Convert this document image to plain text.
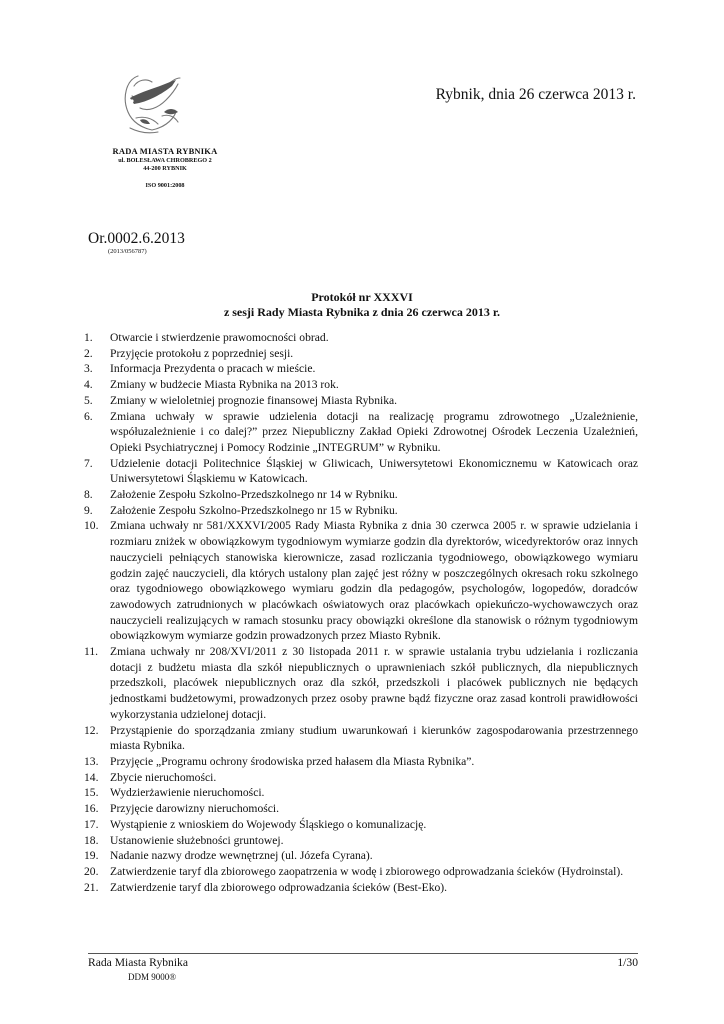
RADA MIASTA RYBNIKA
ul. BOLESŁAWA CHROBREGO 2
44-200 RYBNIK
ISO 9001:2008
Rybnik, dnia 26 czerwca 2013 r.
Or.0002.6.2013
(2013/056787)
Protokół nr XXXVI
z sesji Rady Miasta Rybnika z dnia 26 czerwca 2013 r.
1. Otwarcie i stwierdzenie prawomocności obrad.
2. Przyjęcie protokołu z poprzedniej sesji.
3. Informacja Prezydenta o pracach w mieście.
4. Zmiany w budżecie Miasta Rybnika na 2013 rok.
5. Zmiany w wieloletniej prognozie finansowej Miasta Rybnika.
6. Zmiana uchwały w sprawie udzielenia dotacji na realizację programu zdrowotnego „Uzależnienie, współuzależnienie i co dalej?” przez Niepubliczny Zakład Opieki Zdrowotnej Ośrodek Leczenia Uzależnień, Opieki Psychiatrycznej i Pomocy Rodzinie „INTEGRUM” w Rybniku.
7. Udzielenie dotacji Politechnice Śląskiej w Gliwicach, Uniwersytetowi Ekonomicznemu w Katowicach oraz Uniwersytetowi Śląskiemu w Katowicach.
8. Założenie Zespołu Szkolno-Przedszkolnego nr 14 w Rybniku.
9. Założenie Zespołu Szkolno-Przedszkolnego nr 15 w Rybniku.
10. Zmiana uchwały nr 581/XXXVI/2005 Rady Miasta Rybnika z dnia 30 czerwca 2005 r. w sprawie udzielania i rozmiaru zniżek w obowiązkowym tygodniowym wymiarze godzin dla dyrektorów, wicedyrektorów oraz innych nauczycieli pełniących stanowiska kierownicze, zasad rozliczania tygodniowego, obowiązkowego wymiaru godzin zajęć nauczycieli, dla których ustalony plan zajęć jest różny w poszczególnych okresach roku szkolnego oraz tygodniowego obowiązkowego wymiaru godzin dla pedagogów, psychologów, logopedów, doradców zawodowych zatrudnionych w placówkach oświatowych oraz placówkach opiekuńczo-wychowawczych oraz nauczycieli realizujących w ramach stosunku pracy obowiązki określone dla stanowisk o różnym tygodniowym obowiązkowym wymiarze godzin prowadzonych przez Miasto Rybnik.
11. Zmiana uchwały nr 208/XVI/2011 z 30 listopada 2011 r. w sprawie ustalania trybu udzielania i rozliczania dotacji z budżetu miasta dla szkół niepublicznych o uprawnieniach szkół publicznych, dla niepublicznych przedszkoli, placówek niepublicznych oraz dla szkół, przedszkoli i placówek publicznych nie będących jednostkami budżetowymi, prowadzonych przez osoby prawne bądź fizyczne oraz zasad kontroli prawidłowości wykorzystania udzielonej dotacji.
12. Przystąpienie do sporządzania zmiany studium uwarunkowań i kierunków zagospodarowania przestrzennego miasta Rybnika.
13. Przyjęcie „Programu ochrony środowiska przed hałasem dla Miasta Rybnika”.
14. Zbycie nieruchomości.
15. Wydzierżawienie nieruchomości.
16. Przyjęcie darowizny nieruchomości.
17. Wystąpienie z wnioskiem do Wojewody Śląskiego o komunalizację.
18. Ustanowienie służebności gruntowej.
19. Nadanie nazwy drodze wewnętrznej (ul. Józefa Cyrana).
20. Zatwierdzenie taryf dla zbiorowego zaopatrzenia w wodę i zbiorowego odprowadzania ścieków (Hydroinstal).
21. Zatwierdzenie taryf dla zbiorowego odprowadzania ścieków (Best-Eko).
Rada Miasta Rybnika	1/30
DDM 9000®
